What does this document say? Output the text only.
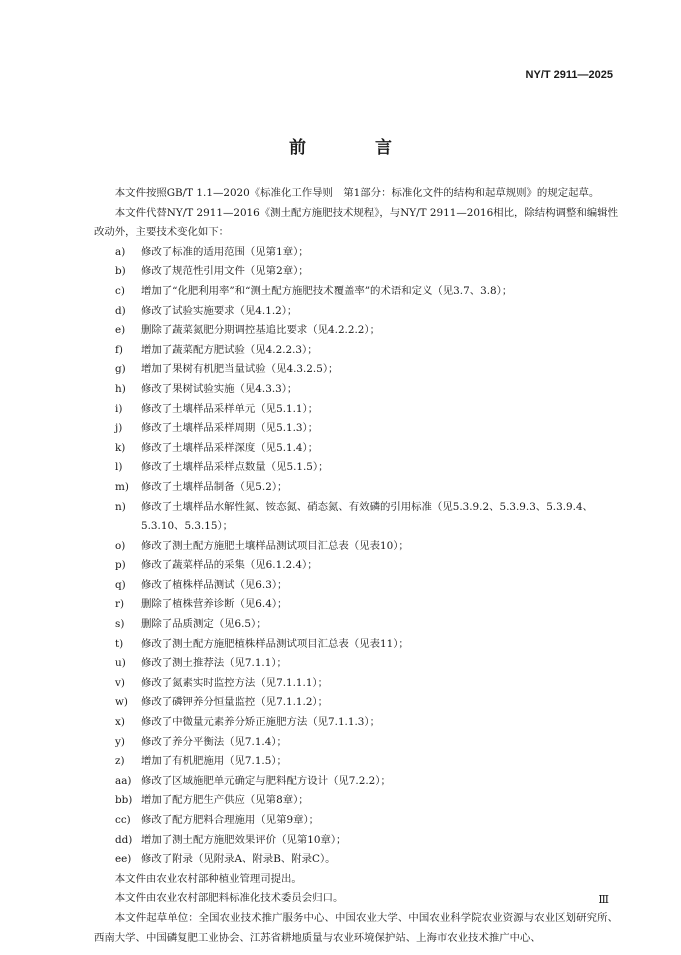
NY/T 2911—2025
前　言

本文件按照GB/T 1.1—2020《标准化工作导则　第1部分：标准化文件的结构和起草规则》的规定起草。

本文件代替NY/T 2911—2016《测土配方施肥技术规程》，与NY/T 2911—2016相比，除结构调整和编辑性改动外，主要技术变化如下：

a)	修改了标准的适用范围（见第1章）；
b)	修改了规范性引用文件（见第2章）；
c)	增加了“化肥利用率”和“测土配方施肥技术覆盖率”的术语和定义（见3.7、3.8）；
d)	修改了试验实施要求（见4.1.2）；
e)	删除了蔬菜氮肥分期调控基追比要求（见4.2.2.2）；
f)	增加了蔬菜配方肥试验（见4.2.2.3）；
g)	增加了果树有机肥当量试验（见4.3.2.5）；
h)	修改了果树试验实施（见4.3.3）；
i)	修改了土壤样品采样单元（见5.1.1）；
j)	修改了土壤样品采样周期（见5.1.3）；
k)	修改了土壤样品采样深度（见5.1.4）；
l)	修改了土壤样品采样点数量（见5.1.5）；
m)	修改了土壤样品制备（见5.2）；
n)	修改了土壤样品水解性氮、铵态氮、硝态氮、有效磷的引用标准（见5.3.9.2、5.3.9.3、5.3.9.4、5.3.10、5.3.15）；
o)	修改了测土配方施肥土壤样品测试项目汇总表（见表10）；
p)	修改了蔬菜样品的采集（见6.1.2.4）；
q)	修改了植株样品测试（见6.3）；
r)	删除了植株营养诊断（见6.4）；
s)	删除了品质测定（见6.5）；
t)	修改了测土配方施肥植株样品测试项目汇总表（见表11）；
u)	修改了测土推荐法（见7.1.1）；
v)	修改了氮素实时监控方法（见7.1.1.1）；
w)	修改了磷钾养分恒量监控（见7.1.1.2）；
x)	修改了中微量元素养分矫正施肥方法（见7.1.1.3）；
y)	修改了养分平衡法（见7.1.4）；
z)	增加了有机肥施用（见7.1.5）；
aa) 修改了区域施肥单元确定与肥料配方设计（见7.2.2）；
bb) 增加了配方肥生产供应（见第8章）；
cc) 修改了配方肥料合理施用（见第9章）；
dd) 增加了测土配方施肥效果评价（见第10章）；
ee) 修改了附录（见附录A、附录B、附录C）。

本文件由农业农村部种植业管理司提出。

本文件由农业农村部肥料标准化技术委员会归口。

本文件起草单位：全国农业技术推广服务中心、中国农业大学、中国农业科学院农业资源与农业区划研究所、西南大学、中国磷复肥工业协会、江苏省耕地质量与农业环境保护站、上海市农业技术推广中心、

Ⅲ
